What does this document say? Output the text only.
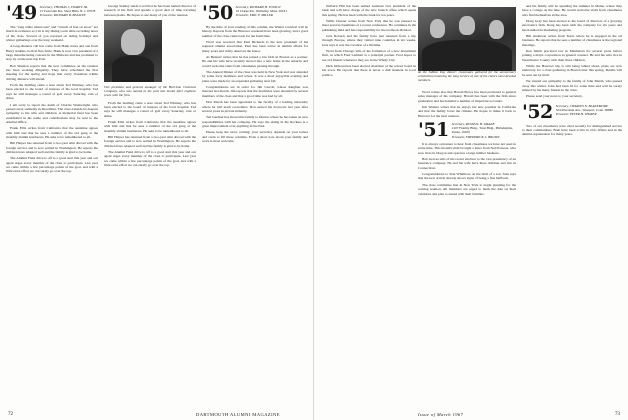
'49 Secretary, THOMAS J. SWARTZ JR.
15 Twin Oak Rd., Short Hills, N. J. 07078
Treasurer, RICHARD B. BEASLEY

The "long white afternoons" and "crunch of feet on snow" are much in evidence as I sit at my dining room table recording news of the class. Several of you reported on skiing holidays and winter gatherings over the long weekend.

A long-distance call has come from Hank Jones and one from Harry Jenkins, both in fine fettle. Hank is now vice president of a large manufacturing concern in the Midwest and has promised to stop by on his next trip East.

Bob Sheldon reports that the new committee on the reunion has been working diligently. They have scheduled the first meeting for the spring and hope that every classmate within driving distance will attend.

From the mailbag came a note about Ted Whitney, who has been elected to the board of trustees of his local hospital. Ted says he still manages a round of golf every Saturday, rain or shine.

I am sorry to report the death of Charles Wainwright, who passed away suddenly in December. The class extends its deepest sympathy to his wife and children. A memorial fund has been established in his name and contributions may be sent to the Alumni Office.

Frank Ellis writes from California that the sunshine agrees with him and that he sees a number of the old gang at the monthly alumni luncheons. He asks to be remembered to all.

Bill Harper has returned from a two-year stint abroad with the foreign service and is now settled in Washington. He reports the children have adapted well and the family is glad to be home.

The Alumni Fund drive is off to a good start this year and our agent urges every member of the class to participate. Last year we came within a few percentage points of the goal, and with a little extra effort we can surely go over the top.

George Stanley sends word that he has been named director of research at his firm and spends a good deal of time traveling between plants. He hopes to see many of you at the reunion.

Vice president and general manager of the Harrison Chemical Company, who was named to the post last month after eighteen years with the firm.

From the mailbag came a note about Ted Whitney, who has been elected to the board of trustees of his local hospital. Ted says he still manages a round of golf every Saturday, rain or shine.

Frank Ellis writes from California that the sunshine agrees with him and that he sees a number of the old gang at the monthly alumni luncheons. He asks to be remembered to all.

Bill Harper has returned from a two-year stint abroad with the foreign service and is now settled in Washington. He reports the children have adapted well and the family is glad to be home.

The Alumni Fund drive is off to a good start this year and our agent urges every member of the class to participate. Last year we came within a few percentage points of the goal, and with a little extra effort we can surely go over the top.

'50 Secretary, RICHARD H. TOOK II
16 Clarke Rd., Wellesley, Mass. 02181
Treasurer, ERIC F. MILLER

By the time of your reading of this column, the Winter Carnival will be history. Reports from the Hanover weekend have been glowing, and a good number of the class came back for the festivities.

Word was received that Paul Richards is the new president of his regional alumni association. Paul has been active in alumni affairs for many years and richly deserves the honor.

Al Bennett writes that he has joined a law firm in Boston as a partner. He and his wife have recently moved into a new home in the suburbs and would welcome visits from classmates passing through.

The Annual Dinner of the class was held in New York and was attended by some forty members and wives. It was a most enjoyable evening and plans were made for an expanded gathering next fall.

Congratulations are in order for Jim Carroll, whose daughter was married last month. Jim reports that the festivities were attended by several members of the class and that a good time was had by all.

Don Marsh has been appointed to the faculty of a leading university where he will teach economics. Don earned his doctorate last year after several years in private industry.

Ted Gardner has moved his family to Denver where he has taken on new responsibilities with his company. He says the skiing in the Rockies is a great improvement over anything in the East.

Please keep the news coming; your secretary depends on your letters and cards to fill these columns. Even a short note about your family and work is most welcome.

72	DARTMOUTH ALUMNI MAGAZINE

Nalburn Hill has been named assistant vice president of the bank and will have charge of the new branch office which opens this spring. He has been with the bank for ten years.

Willis Chester writes from New York that he was pleased to meet several classmates at a recent conference. He continues in the publishing field and has responsibility for the textbook division.

Jack Roberts and his family have just returned from a trip through Europe, where they visited nine countries in six weeks. Jack says it was the vacation of a lifetime.

Word from Chicago tells of the formation of a new investment firm, in which Fred Lambert is a principal partner. Fred hopes to see old friends whenever they are in the Windy City.

Dick Ormond has been elected chairman of the school board in his town. He reports that there is never a dull moment in local politics.

At the Jubilee Day dinner: classmates gathered for the anniversary celebration honoring the long service of one of the class's most devoted members.

Word comes also that Harold Pierce has been promoted to general sales manager of his company. Harold has been with the firm since graduation and has handled a number of important accounts.

Jim Walters writes that he enjoys his new position in California and that the family loves the climate. He hopes to make it back to Hanover for the next reunion.

'51 Secretary, RUSSELL H. DRAKE
2107 Fidelity Bldg., Trust Bldg., Philadelphia, Penna. 19109
Treasurer, FREDERICK L. BROWN

It is always a pleasure to hear from classmates we have not seen in some time. This month's mail brought a letter from Ned Parsons, who now lives in Oregon and operates a large lumber business.

Bob Graves tells of his recent election to the vice presidency of an insurance company. He and his wife have three children and live in Connecticut.

Congratulations to Stan Whitmore on the birth of a son. Stan says that the new arrival already shows signs of being a fine halfback.

The class committee met in New York to begin planning for the coming reunion. All members are urged to mark the date on their calendars and plan to attend with their families.

and his family will be spending the summer in Maine, where they have a cottage on the lake. He would welcome visits from classmates who find themselves in the area.

Doug Gray has been elected to the board of directors of a growing electronics firm. Doug has been with the company for six years and has handled its marketing program.

Bill Anderson writes from Texas where he is engaged in the oil business. He reports that he sees a number of classmates at the regional meetings.

Ken Smith practiced law in Manhattan for several years before joining a major corporation as general counsel. He and his wife live in Westchester County with their three children.

While the Hanover trip is still being talked about, plans are now underway for a class gathering in Boston later this spring. Details will be sent out by mail.

We extend our sympathy to the family of John Marsh, who passed away this winter. John had been ill for some time and will be sorely missed by his many friends in the class.

Please send your news to your secretary.

'52 Secretary, CHARLES N. BLAKEMORE
324 Riverside Ave., Westport, Conn. 06880
Treasurer, PETER H. THAYER

Two of our classmates were cited recently for distinguished service to their communities. Both have been active in civic affairs and in the alumni organization for many years.

Issue of March 1967	73
